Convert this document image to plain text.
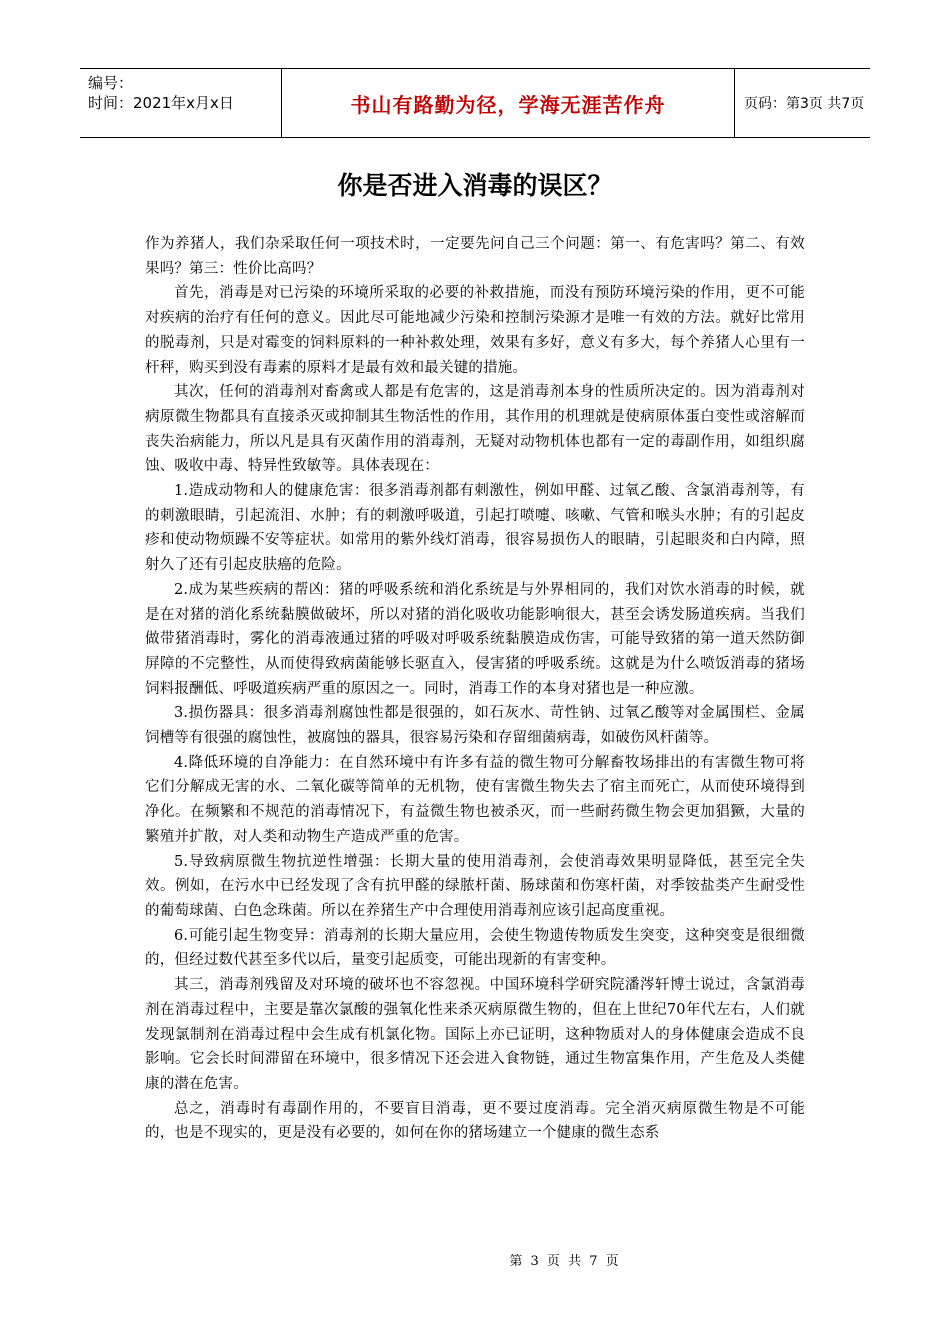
编号：
时间：2021年x月x日	书山有路勤为径，学海无涯苦作舟	页码：第3页 共7页
你是否进入消毒的误区？

作为养猪人，我们杂采取任何一项技术时，一定要先问自己三个问题：第一、有危害吗？第二、有效果吗？第三：性价比高吗？

首先，消毒是对已污染的环境所采取的必要的补救措施，而没有预防环境污染的作用，更不可能对疾病的治疗有任何的意义。因此尽可能地减少污染和控制污染源才是唯一有效的方法。就好比常用的脱毒剂，只是对霉变的饲料原料的一种补救处理，效果有多好，意义有多大，每个养猪人心里有一杆秤，购买到没有毒素的原料才是最有效和最关键的措施。

其次，任何的消毒剂对畜禽或人都是有危害的，这是消毒剂本身的性质所决定的。因为消毒剂对病原微生物都具有直接杀灭或抑制其生物活性的作用，其作用的机理就是使病原体蛋白变性或溶解而丧失治病能力，所以凡是具有灭菌作用的消毒剂，无疑对动物机体也都有一定的毒副作用，如组织腐蚀、吸收中毒、特异性致敏等。具体表现在：

1.造成动物和人的健康危害：很多消毒剂都有刺激性，例如甲醛、过氧乙酸、含氯消毒剂等，有的刺激眼睛，引起流泪、水肿；有的刺激呼吸道，引起打喷嚏、咳嗽、气管和喉头水肿；有的引起皮疹和使动物烦躁不安等症状。如常用的紫外线灯消毒，很容易损伤人的眼睛，引起眼炎和白内障，照射久了还有引起皮肤癌的危险。

2.成为某些疾病的帮凶：猪的呼吸系统和消化系统是与外界相同的，我们对饮水消毒的时候，就是在对猪的消化系统黏膜做破坏，所以对猪的消化吸收功能影响很大，甚至会诱发肠道疾病。当我们做带猪消毒时，雾化的消毒液通过猪的呼吸对呼吸系统黏膜造成伤害，可能导致猪的第一道天然防御屏障的不完整性，从而使得致病菌能够长驱直入，侵害猪的呼吸系统。这就是为什么喷饭消毒的猪场饲料报酬低、呼吸道疾病严重的原因之一。同时，消毒工作的本身对猪也是一种应激。

3.损伤器具：很多消毒剂腐蚀性都是很强的，如石灰水、苛性钠、过氧乙酸等对金属围栏、金属饲槽等有很强的腐蚀性，被腐蚀的器具，很容易污染和存留细菌病毒，如破伤风杆菌等。

4.降低环境的自净能力：在自然环境中有许多有益的微生物可分解畜牧场排出的有害微生物可将它们分解成无害的水、二氧化碳等简单的无机物，使有害微生物失去了宿主而死亡，从而使环境得到净化。在频繁和不规范的消毒情况下，有益微生物也被杀灭，而一些耐药微生物会更加猖獗，大量的繁殖并扩散，对人类和动物生产造成严重的危害。

5.导致病原微生物抗逆性增强：长期大量的使用消毒剂，会使消毒效果明显降低，甚至完全失效。例如，在污水中已经发现了含有抗甲醛的绿脓杆菌、肠球菌和伤寒杆菌，对季铵盐类产生耐受性的葡萄球菌、白色念珠菌。所以在养猪生产中合理使用消毒剂应该引起高度重视。

6.可能引起生物变异：消毒剂的长期大量应用，会使生物遗传物质发生突变，这种突变是很细微的，但经过数代甚至多代以后，量变引起质变，可能出现新的有害变种。

其三，消毒剂残留及对环境的破坏也不容忽视。中国环境科学研究院潘涔轩博士说过，含氯消毒剂在消毒过程中，主要是靠次氯酸的强氧化性来杀灭病原微生物的，但在上世纪70年代左右，人们就发现氯制剂在消毒过程中会生成有机氯化物。国际上亦已证明，这种物质对人的身体健康会造成不良影响。它会长时间滞留在环境中，很多情况下还会进入食物链，通过生物富集作用，产生危及人类健康的潜在危害。

总之，消毒时有毒副作用的，不要盲目消毒，更不要过度消毒。完全消灭病原微生物是不可能的，也是不现实的，更是没有必要的，如何在你的猪场建立一个健康的微生态系

第 3 页 共 7 页
